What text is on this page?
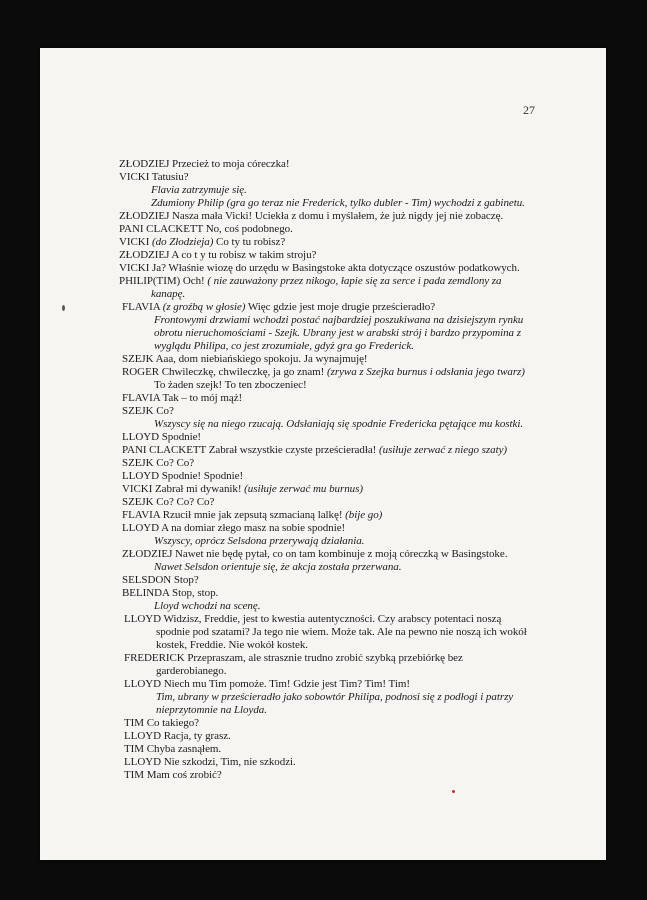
27
ZŁODZIEJ Przecież to moja córeczka!
VICKI Tatusiu?
Flavia zatrzymuje się.
Zdumiony Philip (gra go teraz nie Frederick, tylko dubler - Tim) wychodzi z gabinetu.
ZŁODZIEJ Nasza mała Vicki! Uciekła z domu i myślałem, że już nigdy jej nie zobaczę.
PANI CLACKETT No, coś podobnego.
VICKI (do Złodzieja) Co ty tu robisz?
ZŁODZIEJ A co t y tu robisz w takim stroju?
VICKI Ja? Właśnie wiozę do urzędu w Basingstoke akta dotyczące oszustów podatkowych.
PHILIP(TIM) Och! ( nie zauważony przez nikogo, łapie się za serce i pada zemdlony za
kanapę.
FLAVIA (z groźbą w głosie) Więc gdzie jest moje drugie prześcieradło?
Frontowymi drzwiami wchodzi postać najbardziej poszukiwana na dzisiejszym rynku
obrotu nieruchomościami - Szejk. Ubrany jest w arabski strój i bardzo przypomina z
wyglądu Philipa, co jest zrozumiałe, gdyż gra go Frederick.
SZEJK Aaa, dom niebiańskiego spokoju. Ja wynajmuję!
ROGER Chwileczkę, chwileczkę, ja go znam! (zrywa z Szejka burnus i odsłania jego twarz)
To żaden szejk! To ten zboczeniec!
FLAVIA Tak – to mój mąż!
SZEJK Co?
Wszyscy się na niego rzucają. Odsłaniają się spodnie Fredericka pętające mu kostki.
LLOYD Spodnie!
PANI CLACKETT Zabrał wszystkie czyste prześcieradła! (usiłuje zerwać z niego szaty)
SZEJK Co? Co?
LLOYD Spodnie! Spodnie!
VICKI Zabrał mi dywanik! (usiłuje zerwać mu burnus)
SZEJK Co? Co? Co?
FLAVIA Rzucił mnie jak zepsutą szmacianą lalkę! (bije go)
LLOYD A na domiar złego masz na sobie spodnie!
Wszyscy, oprócz Selsdona przerywają działania.
ZŁODZIEJ Nawet nie będę pytał, co on tam kombinuje z moją córeczką w Basingstoke.
Nawet Selsdon orientuje się, że akcja została przerwana.
SELSDON Stop?
BELINDA Stop, stop.
Lloyd wchodzi na scenę.
LLOYD Widzisz, Freddie, jest to kwestia autentyczności. Czy arabscy potentaci noszą
spodnie pod szatami? Ja tego nie wiem. Może tak. Ale na pewno nie noszą ich wokół
kostek, Freddie. Nie wokół kostek.
FREDERICK Przepraszam, ale strasznie trudno zrobić szybką przebiórkę bez
garderobianego.
LLOYD Niech mu Tim pomoże. Tim! Gdzie jest Tim? Tim! Tim!
Tim, ubrany w prześcieradło jako sobowtór Philipa, podnosi się z podłogi i patrzy
nieprzytomnie na Lloyda.
TIM Co takiego?
LLOYD Racja, ty grasz.
TIM Chyba zasnąłem.
LLOYD Nie szkodzi, Tim, nie szkodzi.
TIM Mam coś zrobić?
